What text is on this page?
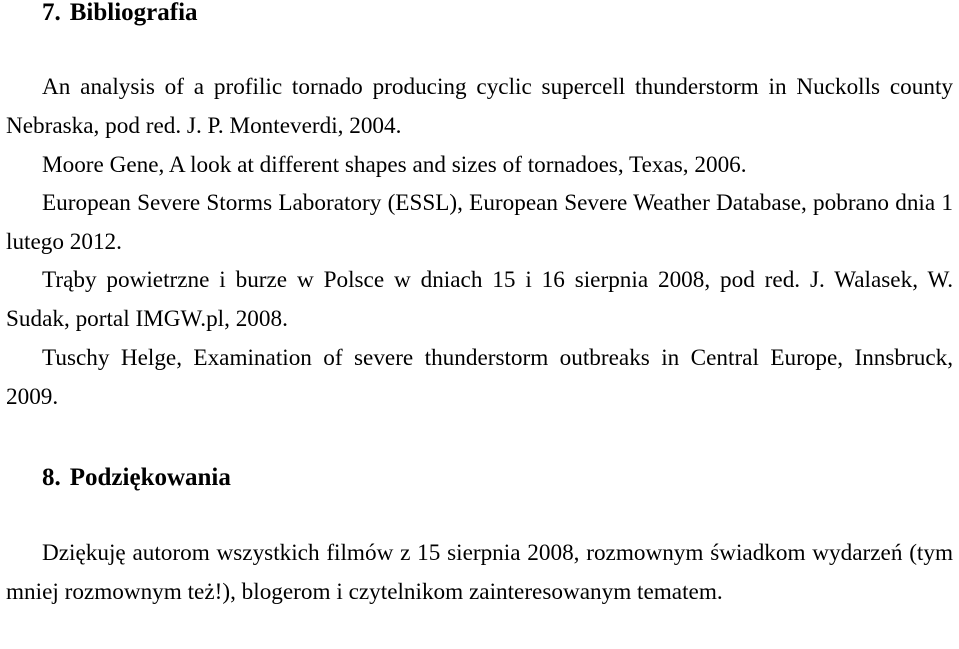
7. Bibliografia

An analysis of a profilic tornado producing cyclic supercell thunderstorm in Nuckolls county Nebraska, pod red. J. P. Monteverdi, 2004.

Moore Gene, A look at different shapes and sizes of tornadoes, Texas, 2006.

European Severe Storms Laboratory (ESSL), European Severe Weather Database, pobrano dnia 1 lutego 2012.

Trąby powietrzne i burze w Polsce w dniach 15 i 16 sierpnia 2008, pod red. J. Walasek, W. Sudak, portal IMGW.pl, 2008.

Tuschy Helge, Examination of severe thunderstorm outbreaks in Central Europe, Innsbruck, 2009.

8. Podziękowania

Dziękuję autorom wszystkich filmów z 15 sierpnia 2008, rozmownym świadkom wydarzeń (tym mniej rozmownym też!), blogerom i czytelnikom zainteresowanym tematem.
